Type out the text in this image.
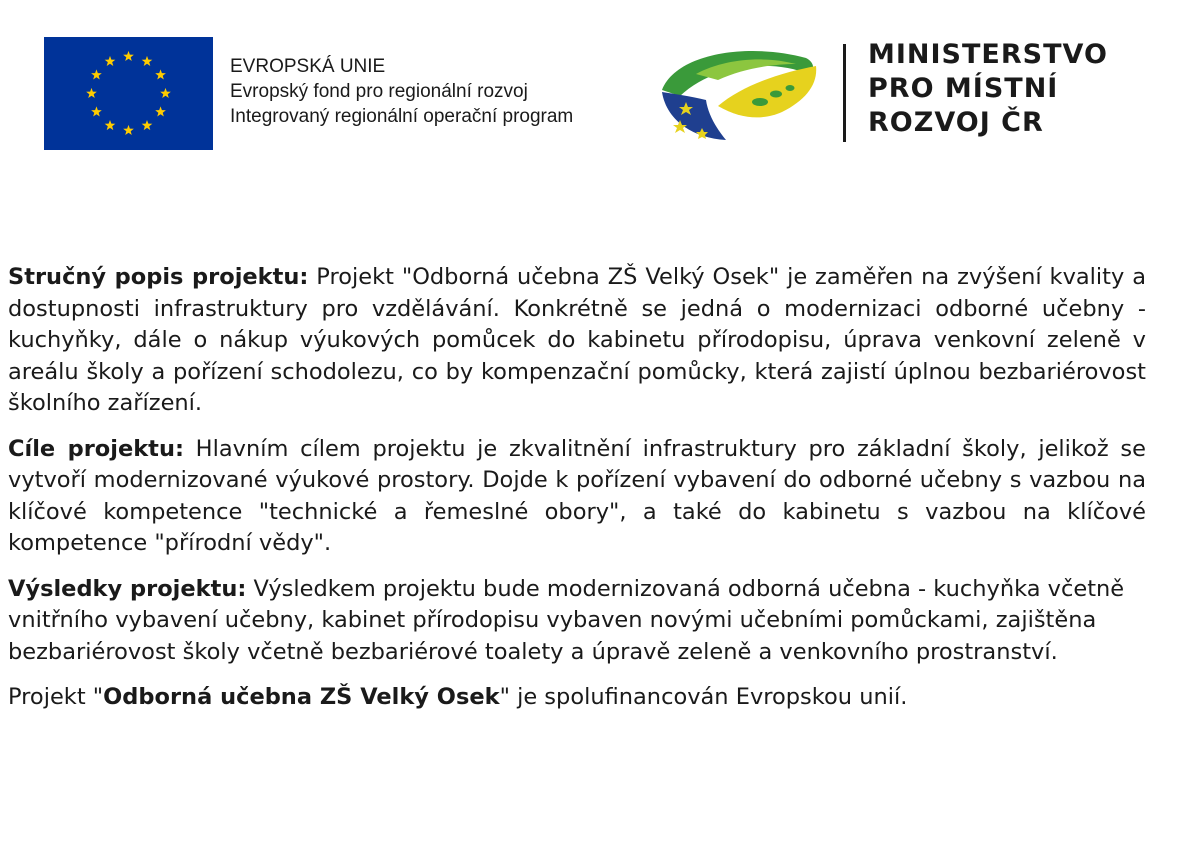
EVROPSKÁ UNIE
Evropský fond pro regionální rozvoj
Integrovaný regionální operační program
MINISTERSTVO
PRO MÍSTNÍ
ROZVOJ ČR

Stručný popis projektu: Projekt "Odborná učebna ZŠ Velký Osek" je zaměřen na zvýšení kvality a dostupnosti infrastruktury pro vzdělávání. Konkrétně se jedná o modernizaci odborné učebny - kuchyňky, dále o nákup výukových pomůcek do kabinetu přírodopisu, úprava venkovní zeleně v areálu školy a pořízení schodolezu, co by kompenzační pomůcky, která zajistí úplnou bezbariérovost školního zařízení.

Cíle projektu: Hlavním cílem projektu je zkvalitnění infrastruktury pro základní školy, jelikož se vytvoří modernizované výukové prostory. Dojde k pořízení vybavení do odborné učebny s vazbou na klíčové kompetence "technické a řemeslné obory", a také do kabinetu s vazbou na klíčové kompetence "přírodní vědy".

Výsledky projektu: Výsledkem projektu bude modernizovaná odborná učebna - kuchyňka včetně vnitřního vybavení učebny, kabinet přírodopisu vybaven novými učebními pomůckami, zajištěna bezbariérovost školy včetně bezbariérové toalety a úpravě zeleně a venkovního prostranství.

Projekt "Odborná učebna ZŠ Velký Osek" je spolufinancován Evropskou unií.
